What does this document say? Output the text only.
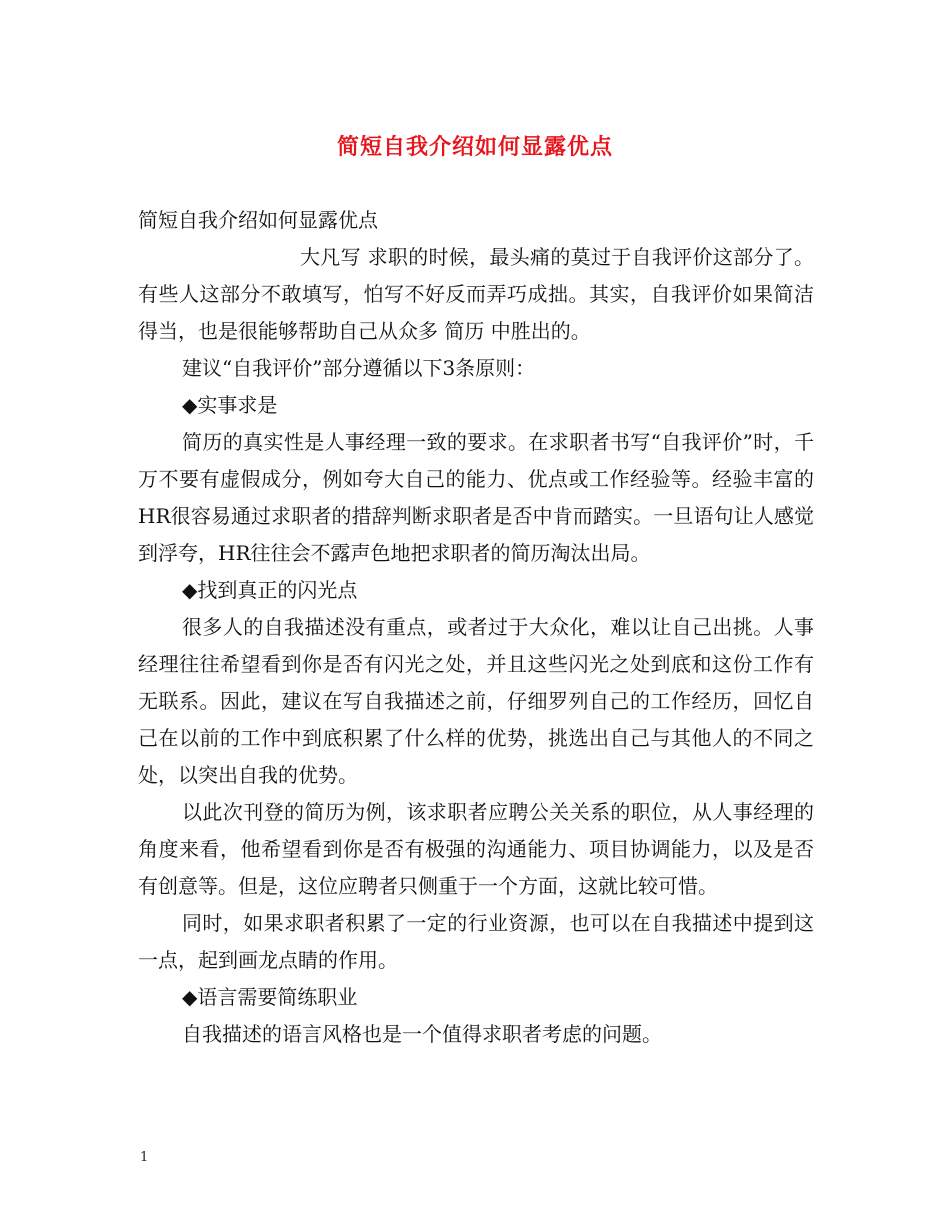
简短自我介绍如何显露优点

简短自我介绍如何显露优点

大凡写 求职的时候，最头痛的莫过于自我评价这部分了。有些人这部分不敢填写，怕写不好反而弄巧成拙。其实，自我评价如果简洁得当，也是很能够帮助自己从众多 简历 中胜出的。

建议“自我评价”部分遵循以下3条原则：

◆实事求是

简历的真实性是人事经理一致的要求。在求职者书写“自我评价”时，千万不要有虚假成分，例如夸大自己的能力、优点或工作经验等。经验丰富的HR很容易通过求职者的措辞判断求职者是否中肯而踏实。一旦语句让人感觉到浮夸，HR往往会不露声色地把求职者的简历淘汰出局。

◆找到真正的闪光点

很多人的自我描述没有重点，或者过于大众化，难以让自己出挑。人事经理往往希望看到你是否有闪光之处，并且这些闪光之处到底和这份工作有无联系。因此，建议在写自我描述之前，仔细罗列自己的工作经历，回忆自己在以前的工作中到底积累了什么样的优势，挑选出自己与其他人的不同之处，以突出自我的优势。

以此次刊登的简历为例，该求职者应聘公关关系的职位，从人事经理的角度来看，他希望看到你是否有极强的沟通能力、项目协调能力，以及是否有创意等。但是，这位应聘者只侧重于一个方面，这就比较可惜。

同时，如果求职者积累了一定的行业资源，也可以在自我描述中提到这一点，起到画龙点睛的作用。

◆语言需要简练职业

自我描述的语言风格也是一个值得求职者考虑的问题。

1
